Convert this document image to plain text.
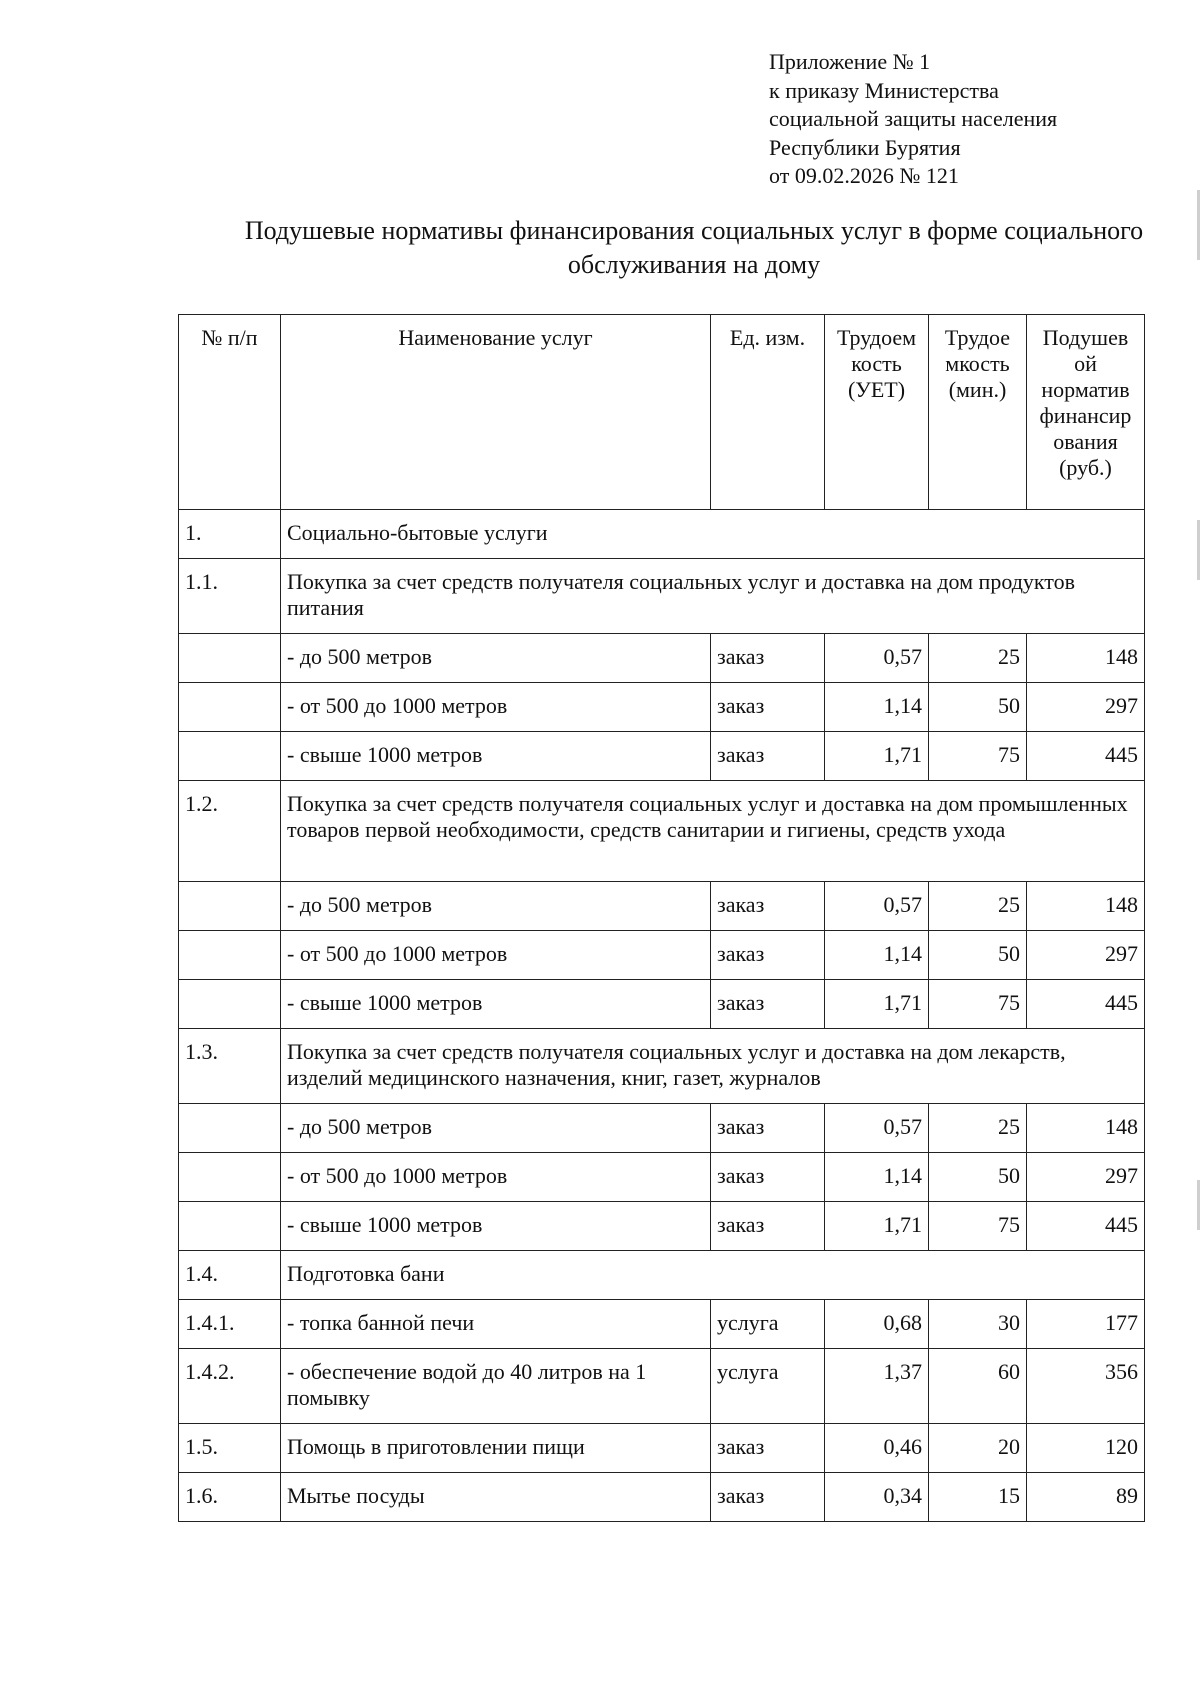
Приложение № 1
к приказу Министерства
социальной защиты населения
Республики Бурятия
от 09.02.2026 № 121
Подушевые нормативы финансирования социальных услуг в форме социального обслуживания на дому
№ п/п	Наименование услуг	Ед. изм.	Трудоем кость (УЕТ)	Трудое мкость (мин.)	Подушев ой норматив финансир ования (руб.)
1.	Социально-бытовые услуги				
1.1.	Покупка за счет средств получателя социальных услуг и доставка на дом продуктов питания				
	- до 500 метров	заказ	0,57	25	148
	- от 500 до 1000 метров	заказ	1,14	50	297
	- свыше 1000 метров	заказ	1,71	75	445
1.2.	Покупка за счет средств получателя социальных услуг и доставка на дом промышленных товаров первой необходимости, средств санитарии и гигиены, средств ухода				
	- до 500 метров	заказ	0,57	25	148
	- от 500 до 1000 метров	заказ	1,14	50	297
	- свыше 1000 метров	заказ	1,71	75	445
1.3.	Покупка за счет средств получателя социальных услуг и доставка на дом лекарств, изделий медицинского назначения, книг, газет, журналов				
	- до 500 метров	заказ	0,57	25	148
	- от 500 до 1000 метров	заказ	1,14	50	297
	- свыше 1000 метров	заказ	1,71	75	445
1.4.	Подготовка бани				
1.4.1.	- топка банной печи	услуга	0,68	30	177
1.4.2.	- обеспечение водой до 40 литров на 1 помывку	услуга	1,37	60	356
1.5.	Помощь в приготовлении пищи	заказ	0,46	20	120
1.6.	Мытье посуды	заказ	0,34	15	89
